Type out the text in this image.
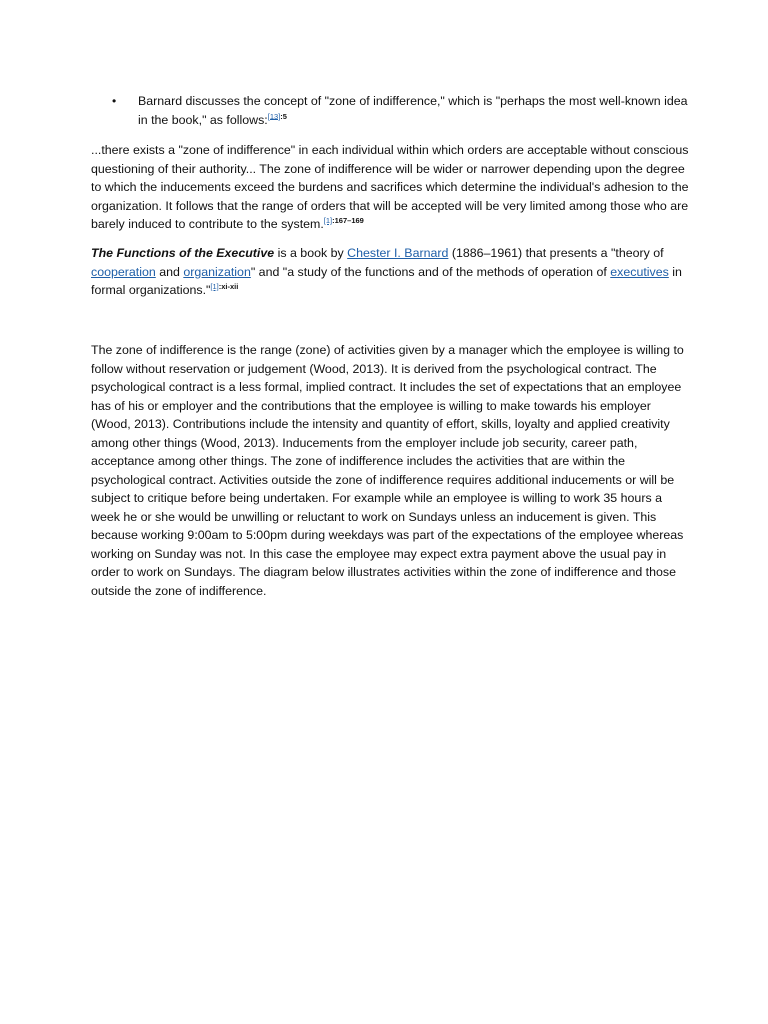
•	Barnard discusses the concept of "zone of indifference," which is "perhaps the most well-known idea in the book," as follows:$^{[13]:5}$

...there exists a "zone of indifference" in each individual within which orders are acceptable without conscious questioning of their authority... The zone of indifference will be wider or narrower depending upon the degree to which the inducements exceed the burdens and sacrifices which determine the individual's adhesion to the organization. It follows that the range of orders that will be accepted will be very limited among those who are barely induced to contribute to the system.$^{[1]:167-169}$

The Functions of the Executive is a book by Chester I. Barnard (1886–1961) that presents a "theory of cooperation and organization" and "a study of the functions and of the methods of operation of executives in formal organizations."$^{[1]:xi-xii}$

The zone of indifference is the range (zone) of activities given by a manager which the employee is willing to follow without reservation or judgement (Wood, 2013). It is derived from the psychological contract. The psychological contract is a less formal, implied contract. It includes the set of expectations that an employee has of his or employer and the contributions that the employee is willing to make towards his employer (Wood, 2013). Contributions include the intensity and quantity of effort, skills, loyalty and applied creativity among other things (Wood, 2013). Inducements from the employer include job security, career path, acceptance among other things. The zone of indifference includes the activities that are within the psychological contract. Activities outside the zone of indifference requires additional inducements or will be subject to critique before being undertaken. For example while an employee is willing to work 35 hours a week he or she would be unwilling or reluctant to work on Sundays unless an inducement is given. This because working 9:00am to 5:00pm during weekdays was part of the expectations of the employee whereas working on Sunday was not. In this case the employee may expect extra payment above the usual pay in order to work on Sundays. The diagram below illustrates activities within the zone of indifference and those outside the zone of indifference.
